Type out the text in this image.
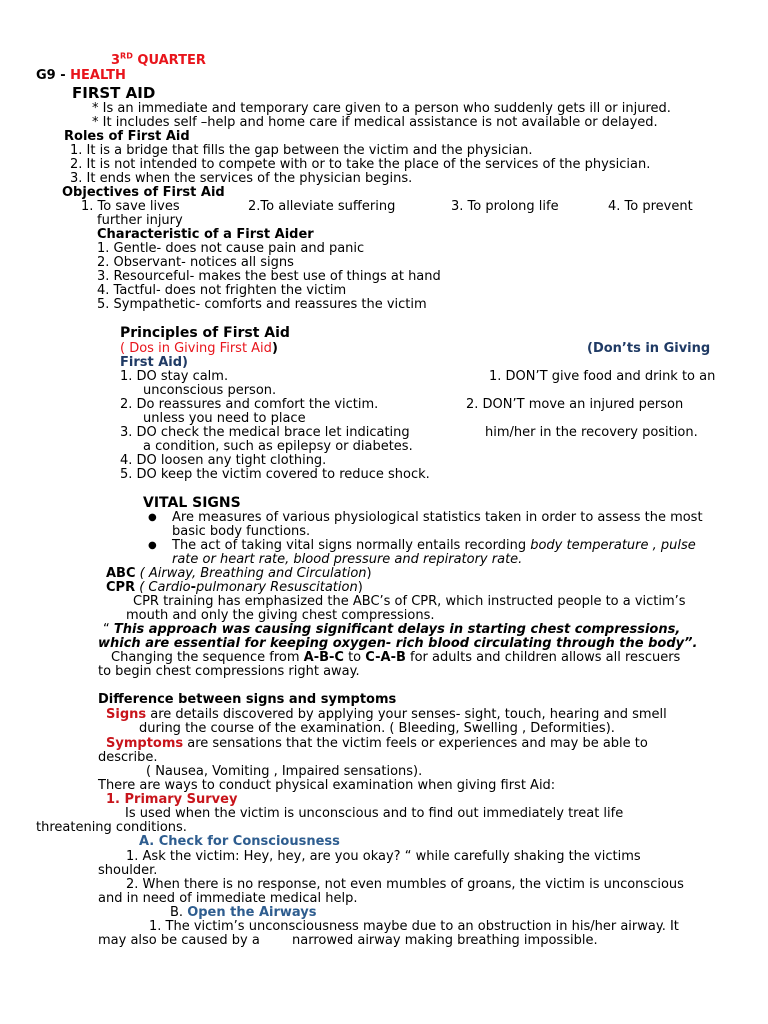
3RD QUARTER
G9 - HEALTH
FIRST AID
* Is an immediate and temporary care given to a person who suddenly gets ill or injured.
* It includes self –help and home care if medical assistance is not available or delayed.
Roles of First Aid
1. It is a bridge that fills the gap between the victim and the physician.
2. It is not intended to compete with or to take the place of the services of the physician.
3. It ends when the services of the physician begins.
Objectives of First Aid
1. To save lives	2.To alleviate suffering	3. To prolong life	4. To prevent
further injury
Characteristic of a First Aider
1. Gentle- does not cause pain and panic
2. Observant- notices all signs
3. Resourceful- makes the best use of things at hand
4. Tactful- does not frighten the victim
5. Sympathetic- comforts and reassures the victim
Principles of First Aid
( Dos in Giving First Aid)	(Don’ts in Giving
First Aid)
1. DO stay calm.	1. DON’T give food and drink to an
unconscious person.
2. Do reassures and comfort the victim.	2. DON’T move an injured person
unless you need to place
3. DO check the medical brace let indicating	him/her in the recovery position.
a condition, such as epilepsy or diabetes.
4. DO loosen any tight clothing.
5. DO keep the victim covered to reduce shock.
VITAL SIGNS
● Are measures of various physiological statistics taken in order to assess the most
basic body functions.
● The act of taking vital signs normally entails recording body temperature , pulse
rate or heart rate, blood pressure and repiratory rate.
ABC ( Airway, Breathing and Circulation)
CPR ( Cardio-pulmonary Resuscitation)
CPR training has emphasized the ABC’s of CPR, which instructed people to a victim’s
mouth and only the giving chest compressions.
“ This approach was causing significant delays in starting chest compressions,
which are essential for keeping oxygen- rich blood circulating through the body”.
Changing the sequence from A-B-C to C-A-B for adults and children allows all rescuers
to begin chest compressions right away.
Difference between signs and symptoms
Signs are details discovered by applying your senses- sight, touch, hearing and smell
during the course of the examination. ( Bleeding, Swelling , Deformities).
Symptoms are sensations that the victim feels or experiences and may be able to
describe.
( Nausea, Vomiting , Impaired sensations).
There are ways to conduct physical examination when giving first Aid:
1. Primary Survey
Is used when the victim is unconscious and to find out immediately treat life
threatening conditions.
A. Check for Consciousness
1. Ask the victim: Hey, hey, are you okay? “ while carefully shaking the victims
shoulder.
2. When there is no response, not even mumbles of groans, the victim is unconscious
and in need of immediate medical help.
B. Open the Airways
1. The victim’s unconsciousness maybe due to an obstruction in his/her airway. It
may also be caused by a narrowed airway making breathing impossible.
